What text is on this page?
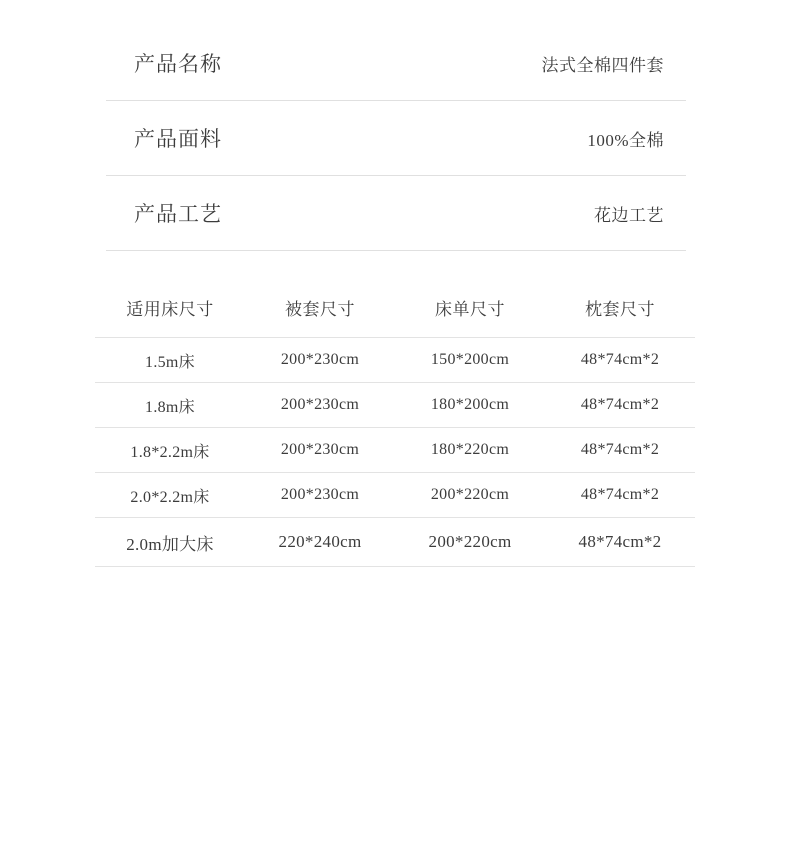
产品名称	法式全棉四件套
产品面料	100%全棉
产品工艺	花边工艺
适用床尺寸	被套尺寸	床单尺寸	枕套尺寸
1.5m床	200*230cm	150*200cm	48*74cm*2
1.8m床	200*230cm	180*200cm	48*74cm*2
1.8*2.2m床	200*230cm	180*220cm	48*74cm*2
2.0*2.2m床	200*230cm	200*220cm	48*74cm*2
2.0m加大床	220*240cm	200*220cm	48*74cm*2
